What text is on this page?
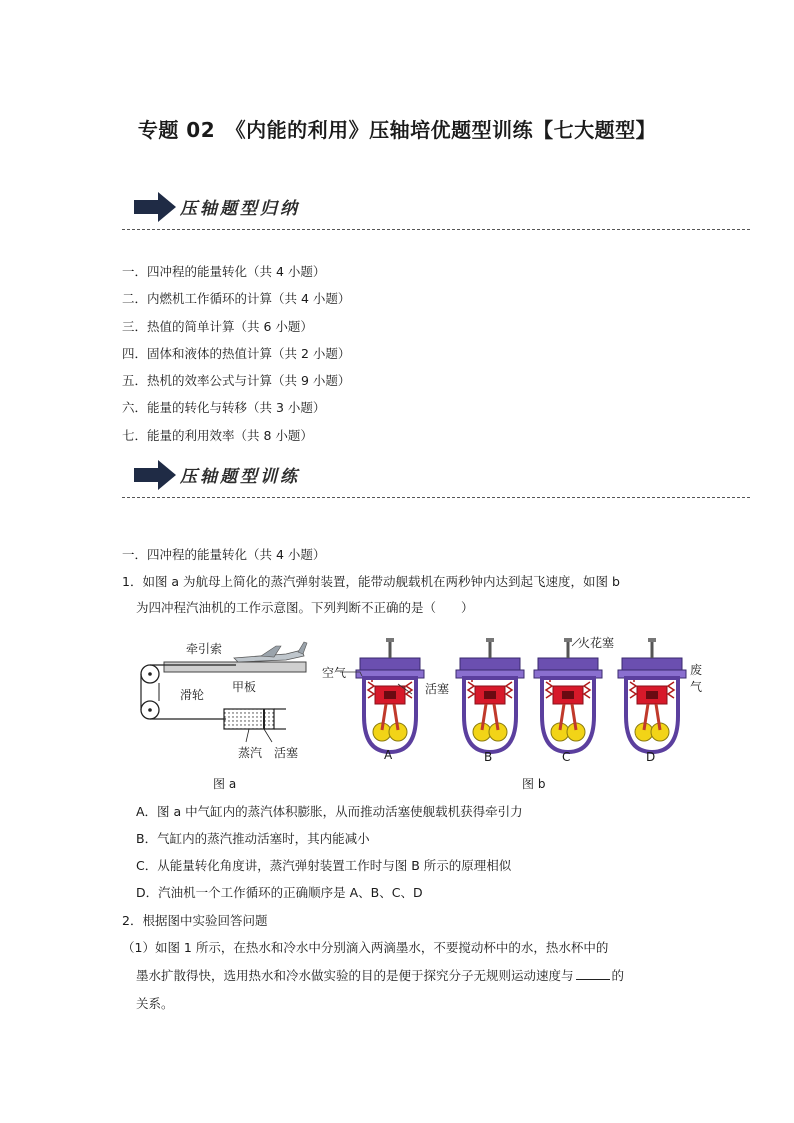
专题 02　《内能的利用》压轴培优题型训练【七大题型】
压轴题型归纳
一．四冲程的能量转化（共 4 小题）
二．内燃机工作循环的计算（共 4 小题）
三．热值的简单计算（共 6 小题）
四．固体和液体的热值计算（共 2 小题）
五．热机的效率公式与计算（共 9 小题）
六．能量的转化与转移（共 3 小题）
七．能量的利用效率（共 8 小题）
压轴题型训练
一．四冲程的能量转化（共 4 小题）
1．如图 a 为航母上简化的蒸汽弹射装置，能带动舰载机在两秒钟内达到起飞速度，如图 b
为四冲程汽油机的工作示意图。下列判断不正确的是（　　）
牵引索
滑轮
甲板
蒸汽 活塞
图 a
空气
活塞
火花塞
废气
A	B	C	D
图 b
A．图 a 中气缸内的蒸汽体积膨胀，从而推动活塞使舰载机获得牵引力
B．气缸内的蒸汽推动活塞时，其内能减小
C．从能量转化角度讲，蒸汽弹射装置工作时与图 B 所示的原理相似
D．汽油机一个工作循环的正确顺序是 A、B、C、D
2．根据图中实验回答问题
（1）如图 1 所示，在热水和冷水中分别滴入两滴墨水，不要搅动杯中的水，热水杯中的
墨水扩散得快，选用热水和冷水做实验的目的是便于探究分子无规则运动速度与	的
关系。
